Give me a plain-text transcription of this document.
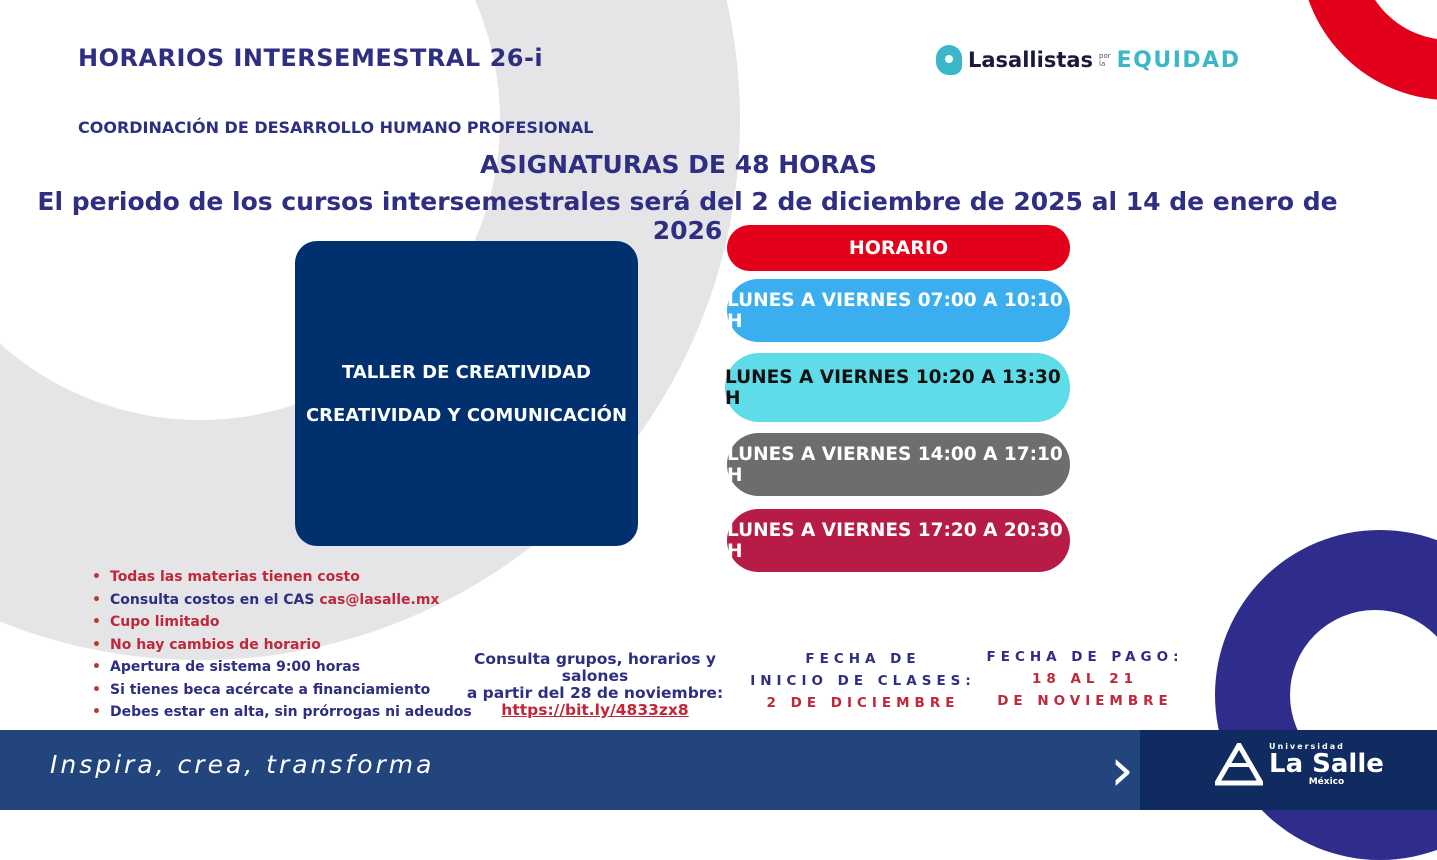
HORARIOS INTERSEMESTRAL 26-i
COORDINACIÓN DE DESARROLLO HUMANO PROFESIONAL
ASIGNATURAS DE 48 HORAS
El periodo de los cursos intersemestrales será del 2 de diciembre de 2025 al 14 de enero de 2026
Lasallistas por
la EQUIDAD
TALLER DE CREATIVIDAD
CREATIVIDAD Y COMUNICACIÓN
HORARIO
LUNES A VIERNES 07:00 A 10:10 H
LUNES A VIERNES 10:20 A 13:30 H
LUNES A VIERNES 14:00 A 17:10 H
LUNES A VIERNES 17:20 A 20:30 H
• Todas las materias tienen costo
• Consulta costos en el CAS cas@lasalle.mx
• Cupo limitado
• No hay cambios de horario
• Apertura de sistema 9:00 horas
• Si tienes beca acércate a financiamiento
• Debes estar en alta, sin prórrogas ni adeudos
Consulta grupos, horarios y salones
a partir del 28 de noviembre:
https://bit.ly/4833zx8
FECHA DE
INICIO DE CLASES:
2 DE DICIEMBRE
FECHA DE PAGO:
18 AL 21
DE NOVIEMBRE
›
Inspira, crea, transforma
Universidad
La Salle
México
